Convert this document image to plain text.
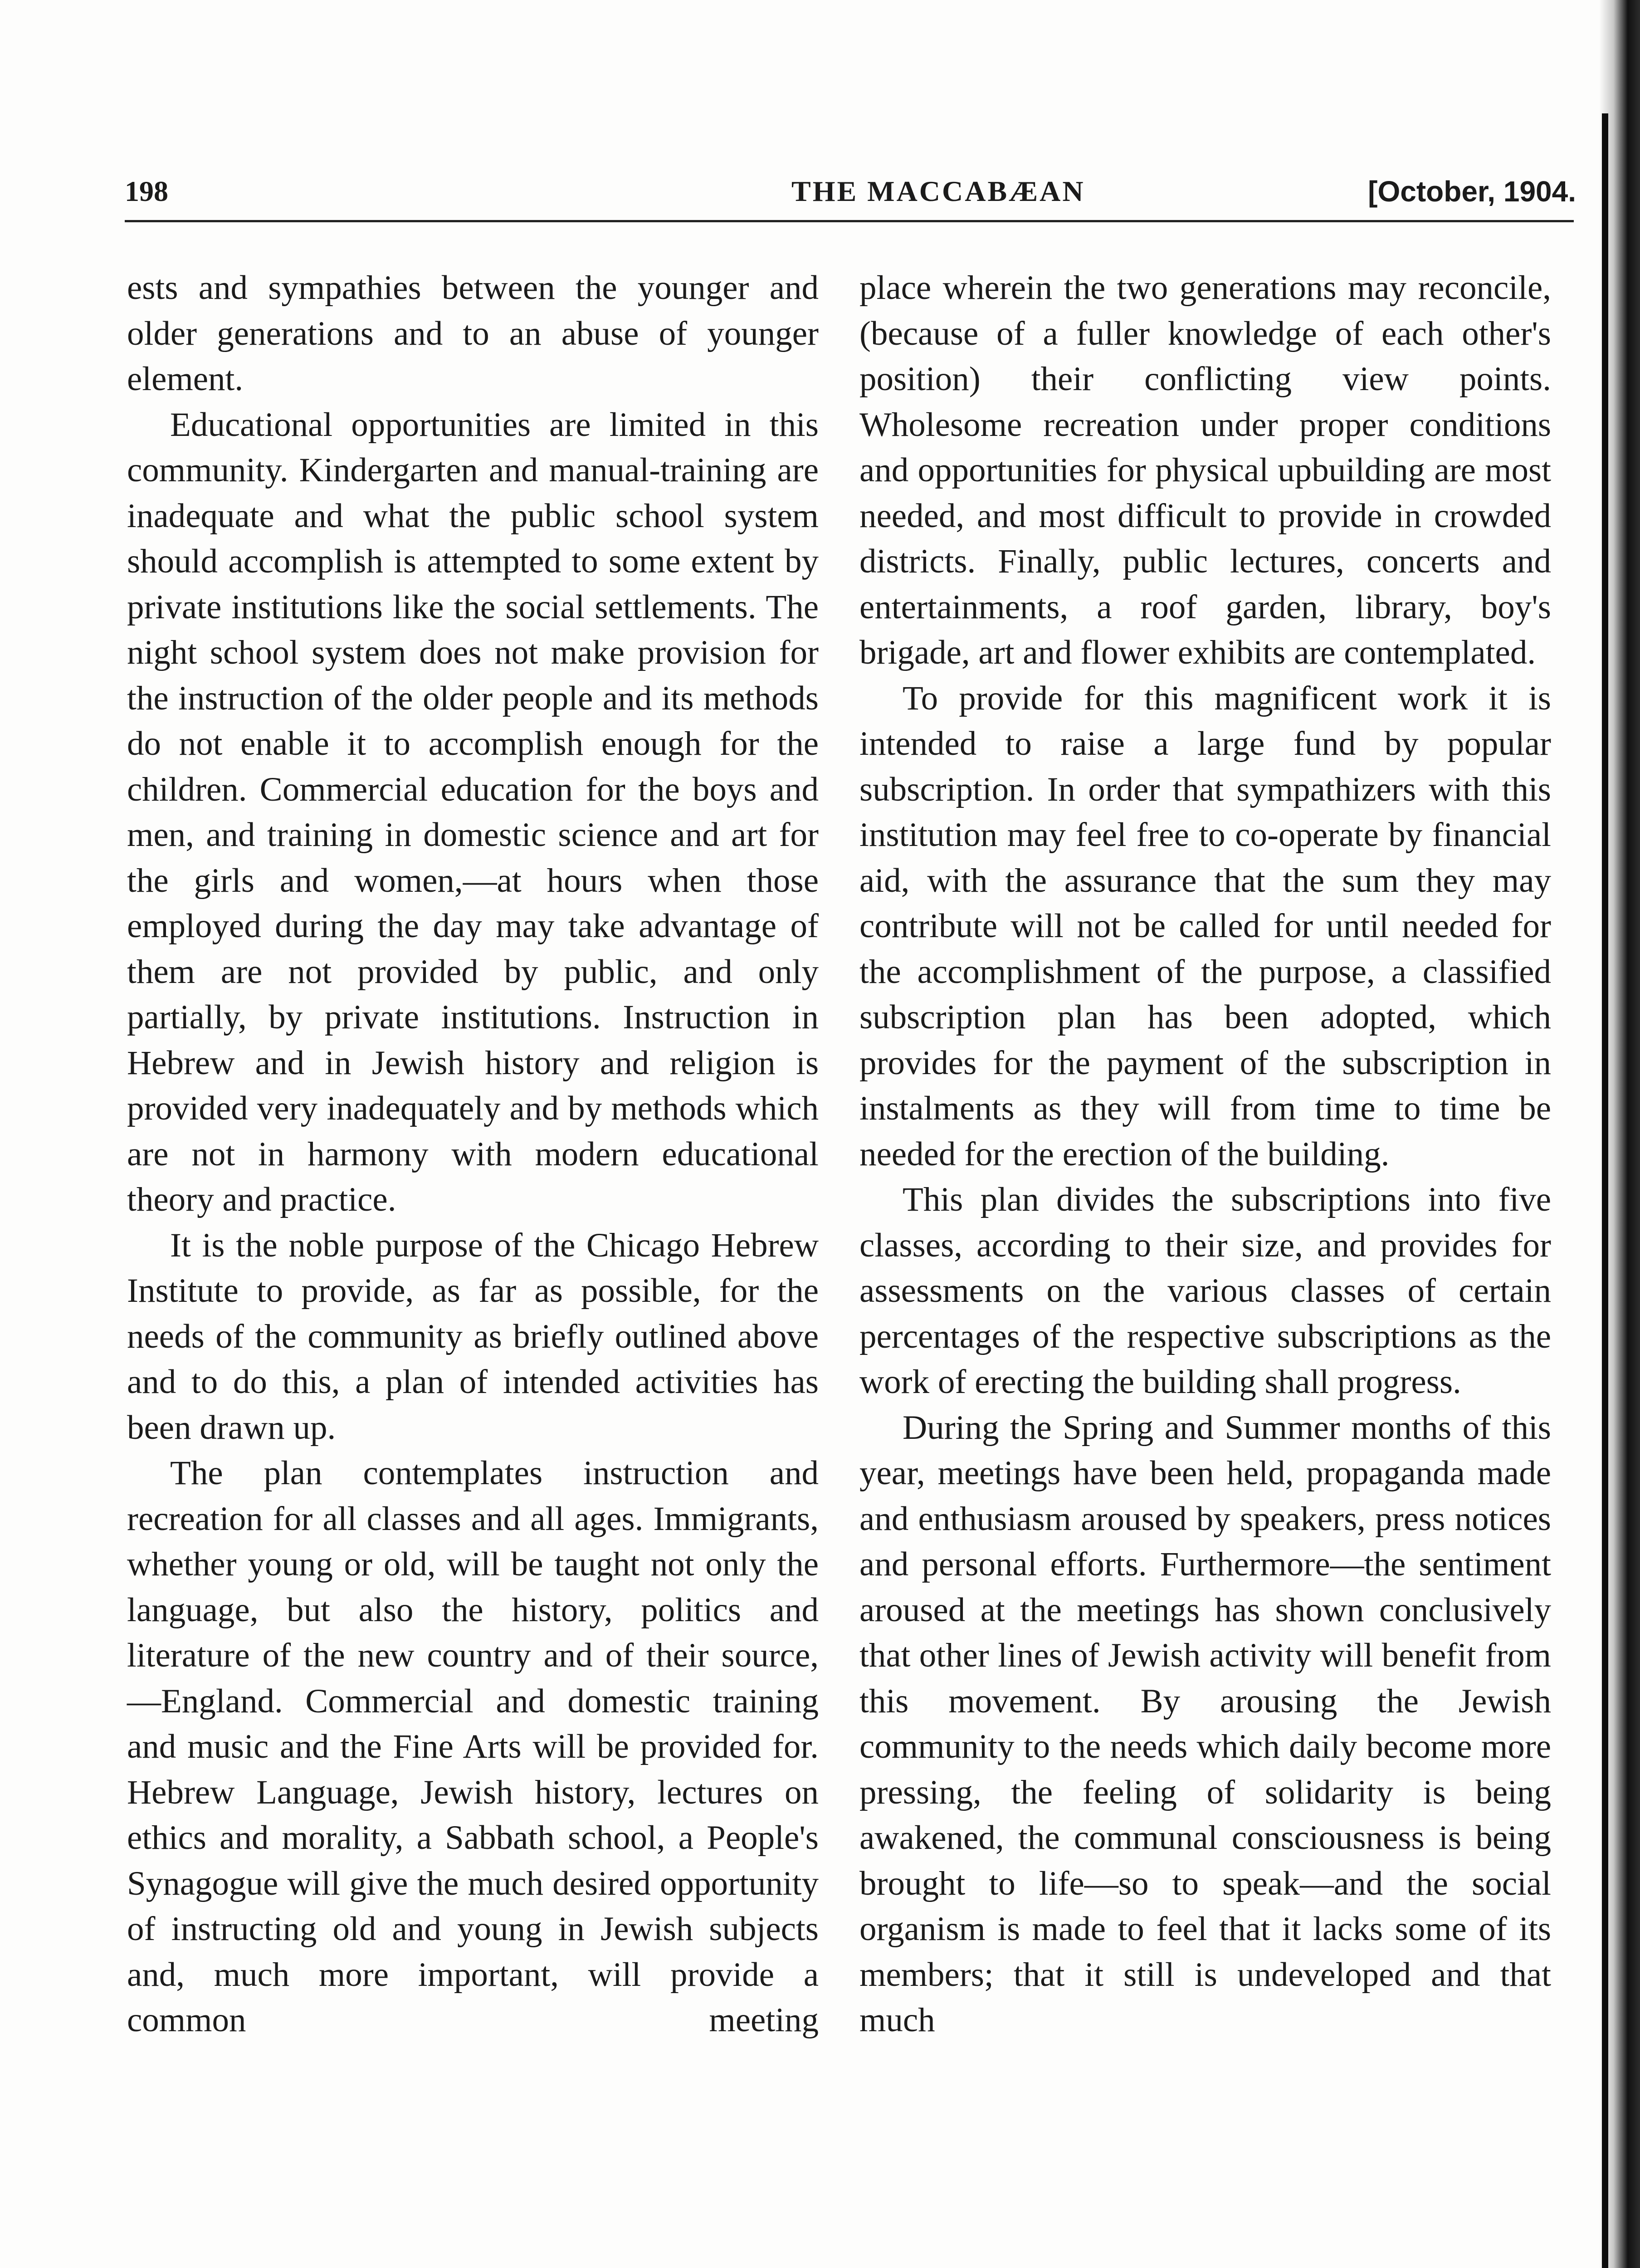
198	THE MACCABÆAN	[October, 1904.

ests and sympathies between the younger and older generations and to an abuse of younger element.

Educational opportunities are limited in this community. Kindergarten and manual-training are inadequate and what the public school system should accomplish is attempted to some extent by private institutions like the social settlements. The night school system does not make provision for the instruction of the older people and its methods do not enable it to accomplish enough for the children. Commercial education for the boys and men, and training in domestic science and art for the girls and women,—at hours when those employed during the day may take advantage of them are not provided by public, and only partially, by private institutions. Instruction in Hebrew and in Jewish history and religion is provided very inadequately and by methods which are not in harmony with modern educational theory and practice.

It is the noble purpose of the Chicago Hebrew Institute to provide, as far as possible, for the needs of the community as briefly outlined above and to do this, a plan of intended activities has been drawn up.

The plan contemplates instruction and recreation for all classes and all ages. Immigrants, whether young or old, will be taught not only the language, but also the history, politics and literature of the new country and of their source,—England. Commercial and domestic training and music and the Fine Arts will be provided for. Hebrew Language, Jewish history, lectures on ethics and morality, a Sabbath school, a People's Synagogue will give the much desired opportunity of instructing old and young in Jewish subjects and, much more important, will provide a common meeting

place wherein the two generations may reconcile, (because of a fuller knowledge of each other's position) their conflicting view points. Wholesome recreation under proper conditions and opportunities for physical upbuilding are most needed, and most difficult to provide in crowded districts. Finally, public lectures, concerts and entertainments, a roof garden, library, boy's brigade, art and flower exhibits are contemplated.

To provide for this magnificent work it is intended to raise a large fund by popular subscription. In order that sympathizers with this institution may feel free to co-operate by financial aid, with the assurance that the sum they may contribute will not be called for until needed for the accomplishment of the purpose, a classified subscription plan has been adopted, which provides for the payment of the subscription in instalments as they will from time to time be needed for the erection of the building.

This plan divides the subscriptions into five classes, according to their size, and provides for assessments on the various classes of certain percentages of the respective subscriptions as the work of erecting the building shall progress.

During the Spring and Summer months of this year, meetings have been held, propaganda made and enthusiasm aroused by speakers, press notices and personal efforts. Furthermore—the sentiment aroused at the meetings has shown conclusively that other lines of Jewish activity will benefit from this movement. By arousing the Jewish community to the needs which daily become more pressing, the feeling of solidarity is being awakened, the communal consciousness is being brought to life—so to speak—and the social organism is made to feel that it lacks some of its members; that it still is undeveloped and that much
